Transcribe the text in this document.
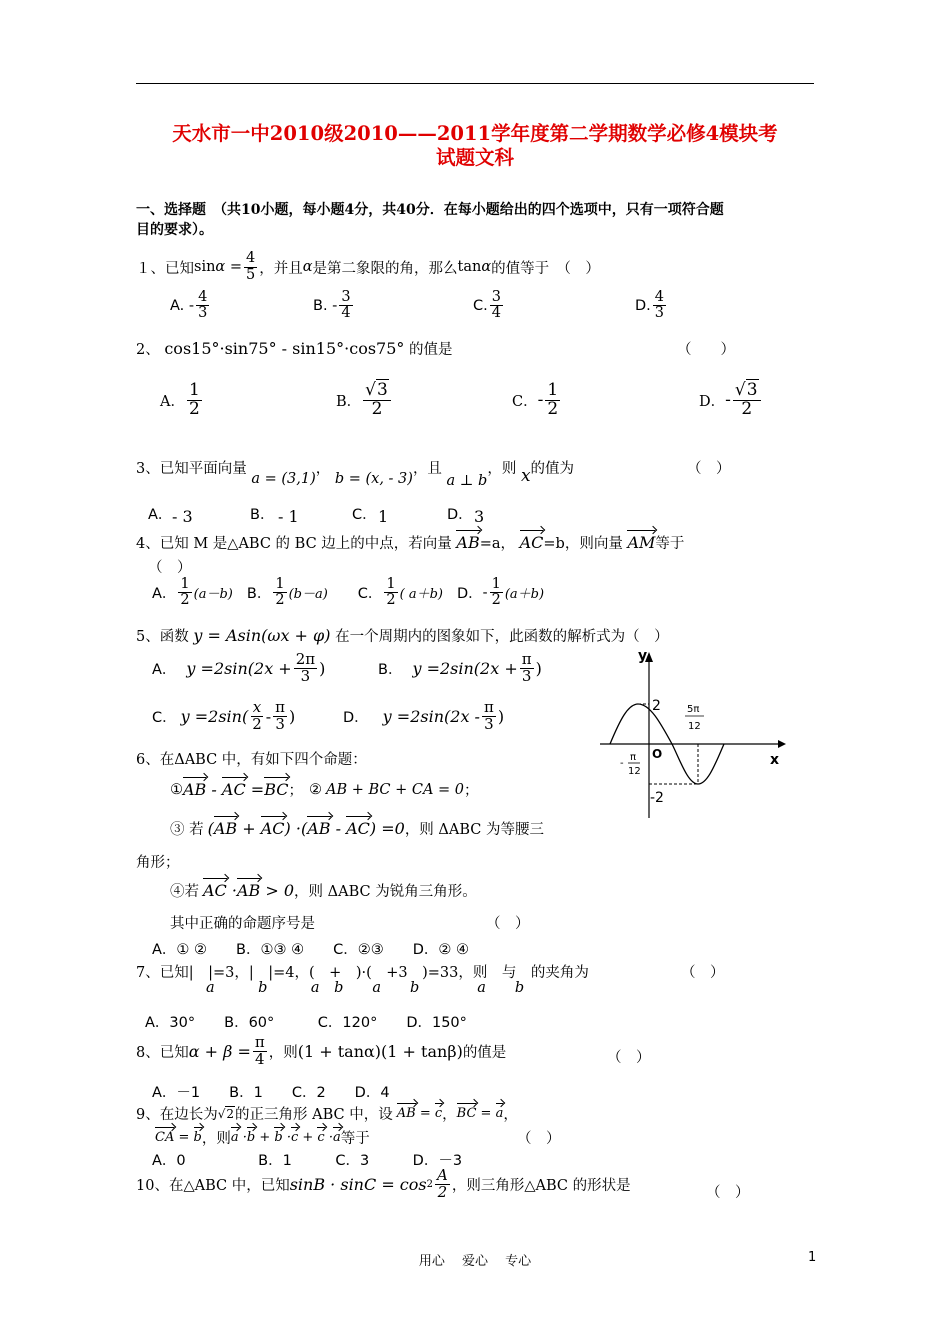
天水市一中2010级2010——2011学年度第二学期数学必修4模块考
试题文科
一、选择题　（共10小题，每小题4分，共40分．在每小题给出的四个选项中，只有一项符合题
目的要求）。
１、已知 $\sin\alpha = \frac{4}{5}$ ，并且 α 是第二象限的角，那么 tanα 的值等于　（　）
A. - $\frac{4}{3}$	B. - $\frac{3}{4}$	C. $\frac{3}{4}$	D. $\frac{4}{3}$
2、 cos15°·sin75° - sin15°·cos75° 的值是	（　　）
A． $\frac{1}{2}$	B． $\frac{√3}{2}$	C． - $\frac{1}{2}$	D． - $\frac{√3}{2}$
3、已知平面向量 a = (3,1)， b = (x, - 3)，且 a ⊥ b，则 x的值为	（　）
A． - 3	B． - 1	C． 1	D． 3
4、已知 M 是△ABC 的 BC 边上的中点，若向量 AB=a， AC=b，则向量 AM等于
（　）
A． $\frac{1}{2} (a-b)$ B． $\frac{1}{2} (b-a)$ C． $\frac{1}{2}$ ( a＋b) D． - $\frac{1}{2} (a+b)$
5、函数 y = Asin(ωx + φ) 在一个周期内的图象如下，此函数的解析式为（　）
A． $y =2\sin(2x + \frac{2\pi}{3}$ )	B． $y =2\sin(2x + \frac{\pi}{3}$ )
C． $y =2\sin( \frac{x}{2} - \frac{\pi}{3}$ )	D． $y =2\sin(2x - \frac{\pi}{3}$ )
y
x
O
2
-2
-
π
12
5π
12
6、在ΔABC 中，有如下四个命题：
① AB - AC =BC ； ② AB + BC + CA = 0 ；
③ 若 (AB + AC) ·(AB - AC) =0 ，则 ΔABC 为等腰三
角形；
④若 AC ·AB > 0 ，则 ΔABC 为锐角三角形。
其中正确的命题序号是	（　）
A．① ②　　B．①③ ④　　C．②③　　D．② ④
7、已知|　|=3，|　|=4，(　+　)·(　+3　)=33，则　与　的夹角为	（　）
a　　　b　　　a　b　　a　　b　　　　a　　b
A．30°　　B．60°　　　C．120°　　D．150°
8、已知 $\alpha + \beta = \frac{\pi}{4}$ ，则 (1 + tanα)(1 + tanβ) 的值是	（　）
A．－1　　B．1　　C．2　　D．4
9、在边长为 √2 的正三角形 ABC 中，设 AB = c ， BC = a ，
CA = b ，则 a ·b + b ·c + c ·a 等于	（　）
A．0　　　　　B．1　　　C．3　　　D．－3
10、在△ABC 中，已知 $\sin B \cdot \sin C = \cos 2 \frac{A}{2}$ ，则三角形△ABC 的形状是	（　）
用心　 爱心　 专心	1
